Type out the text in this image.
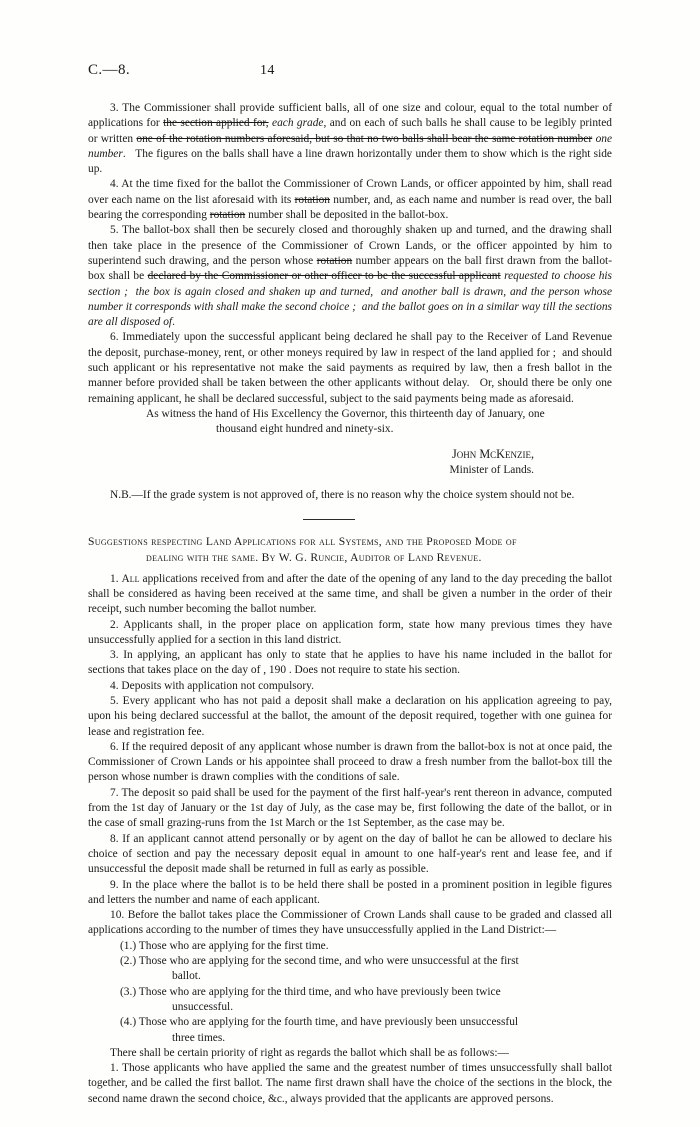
C.—8.	14

3. The Commissioner shall provide sufficient balls, all of one size and colour, equal to the total number of applications for the section applied for, each grade, and on each of such balls he shall cause to be legibly printed or written one of the rotation numbers aforesaid, but so that no two balls shall bear the same rotation number one number.   The figures on the balls shall have a line drawn horizontally under them to show which is the right side up.

4. At the time fixed for the ballot the Commissioner of Crown Lands, or officer appointed by him, shall read over each name on the list aforesaid with its rotation number, and, as each name and number is read over, the ball bearing the corresponding rotation number shall be deposited in the ballot-box.

5. The ballot-box shall then be securely closed and thoroughly shaken up and turned, and the drawing shall then take place in the presence of the Commissioner of Crown Lands, or the officer appointed by him to superintend such drawing, and the person whose rotation number appears on the ball first drawn from the ballot-box shall be declared by the Commissioner or other officer to be the successful applicant requested to choose his section ;  the box is again closed and shaken up and turned,  and another ball is drawn, and the person whose number it corresponds with shall make the second choice ;  and the ballot goes on in a similar way till the sections are all disposed of.

6. Immediately upon the successful applicant being declared he shall pay to the Receiver of Land Revenue the deposit, purchase-money, rent, or other moneys required by law in respect of the land applied for ;  and should such applicant or his representative not make the said payments as required by law, then a fresh ballot in the manner before provided shall be taken between the other applicants without delay.   Or, should there be only one remaining applicant, he shall be declared successful, subject to the said payments being made as aforesaid.

As witness the hand of His Excellency the Governor, this thirteenth day of January, one

thousand eight hundred and ninety-six.

John McKenzie,
Minister of Lands.

N.B.—If the grade system is not approved of, there is no reason why the choice system should not be.

Suggestions respecting Land Applications for all Systems, and the Proposed Mode of
dealing with the same. By W. G. Runcie, Auditor of Land Revenue.

1. All applications received from and after the date of the opening of any land to the day preceding the ballot shall be considered as having been received at the same time, and shall be given a number in the order of their receipt, such number becoming the ballot number.

2. Applicants shall, in the proper place on application form, state how many previous times they have unsuccessfully applied for a section in this land district.

3. In applying, an applicant has only to state that he applies to have his name included in the ballot for sections that takes place on the day of , 190 . Does not require to state his section.

4. Deposits with application not compulsory.

5. Every applicant who has not paid a deposit shall make a declaration on his application agreeing to pay, upon his being declared successful at the ballot, the amount of the deposit required, together with one guinea for lease and registration fee.

6. If the required deposit of any applicant whose number is drawn from the ballot-box is not at once paid, the Commissioner of Crown Lands or his appointee shall proceed to draw a fresh number from the ballot-box till the person whose number is drawn complies with the conditions of sale.

7. The deposit so paid shall be used for the payment of the first half-year's rent thereon in advance, computed from the 1st day of January or the 1st day of July, as the case may be, first following the date of the ballot, or in the case of small grazing-runs from the 1st March or the 1st September, as the case may be.

8. If an applicant cannot attend personally or by agent on the day of ballot he can be allowed to declare his choice of section and pay the necessary deposit equal in amount to one half-year's rent and lease fee, and if unsuccessful the deposit made shall be returned in full as early as possible.

9. In the place where the ballot is to be held there shall be posted in a prominent position in legible figures and letters the number and name of each applicant.

10. Before the ballot takes place the Commissioner of Crown Lands shall cause to be graded and classed all applications according to the number of times they have unsuccessfully applied in the Land District:—

(1.) Those who are applying for the first time.

(2.) Those who are applying for the second time, and who were unsuccessful at the first
ballot.

(3.) Those who are applying for the third time, and who have previously been twice
unsuccessful.

(4.) Those who are applying for the fourth time, and have previously been unsuccessful
three times.

There shall be certain priority of right as regards the ballot which shall be as follows:—

1. Those applicants who have applied the same and the greatest number of times unsuccessfully shall ballot together, and be called the first ballot. The name first drawn shall have the choice of the sections in the block, the second name drawn the second choice, &c., always provided that the applicants are approved persons.
